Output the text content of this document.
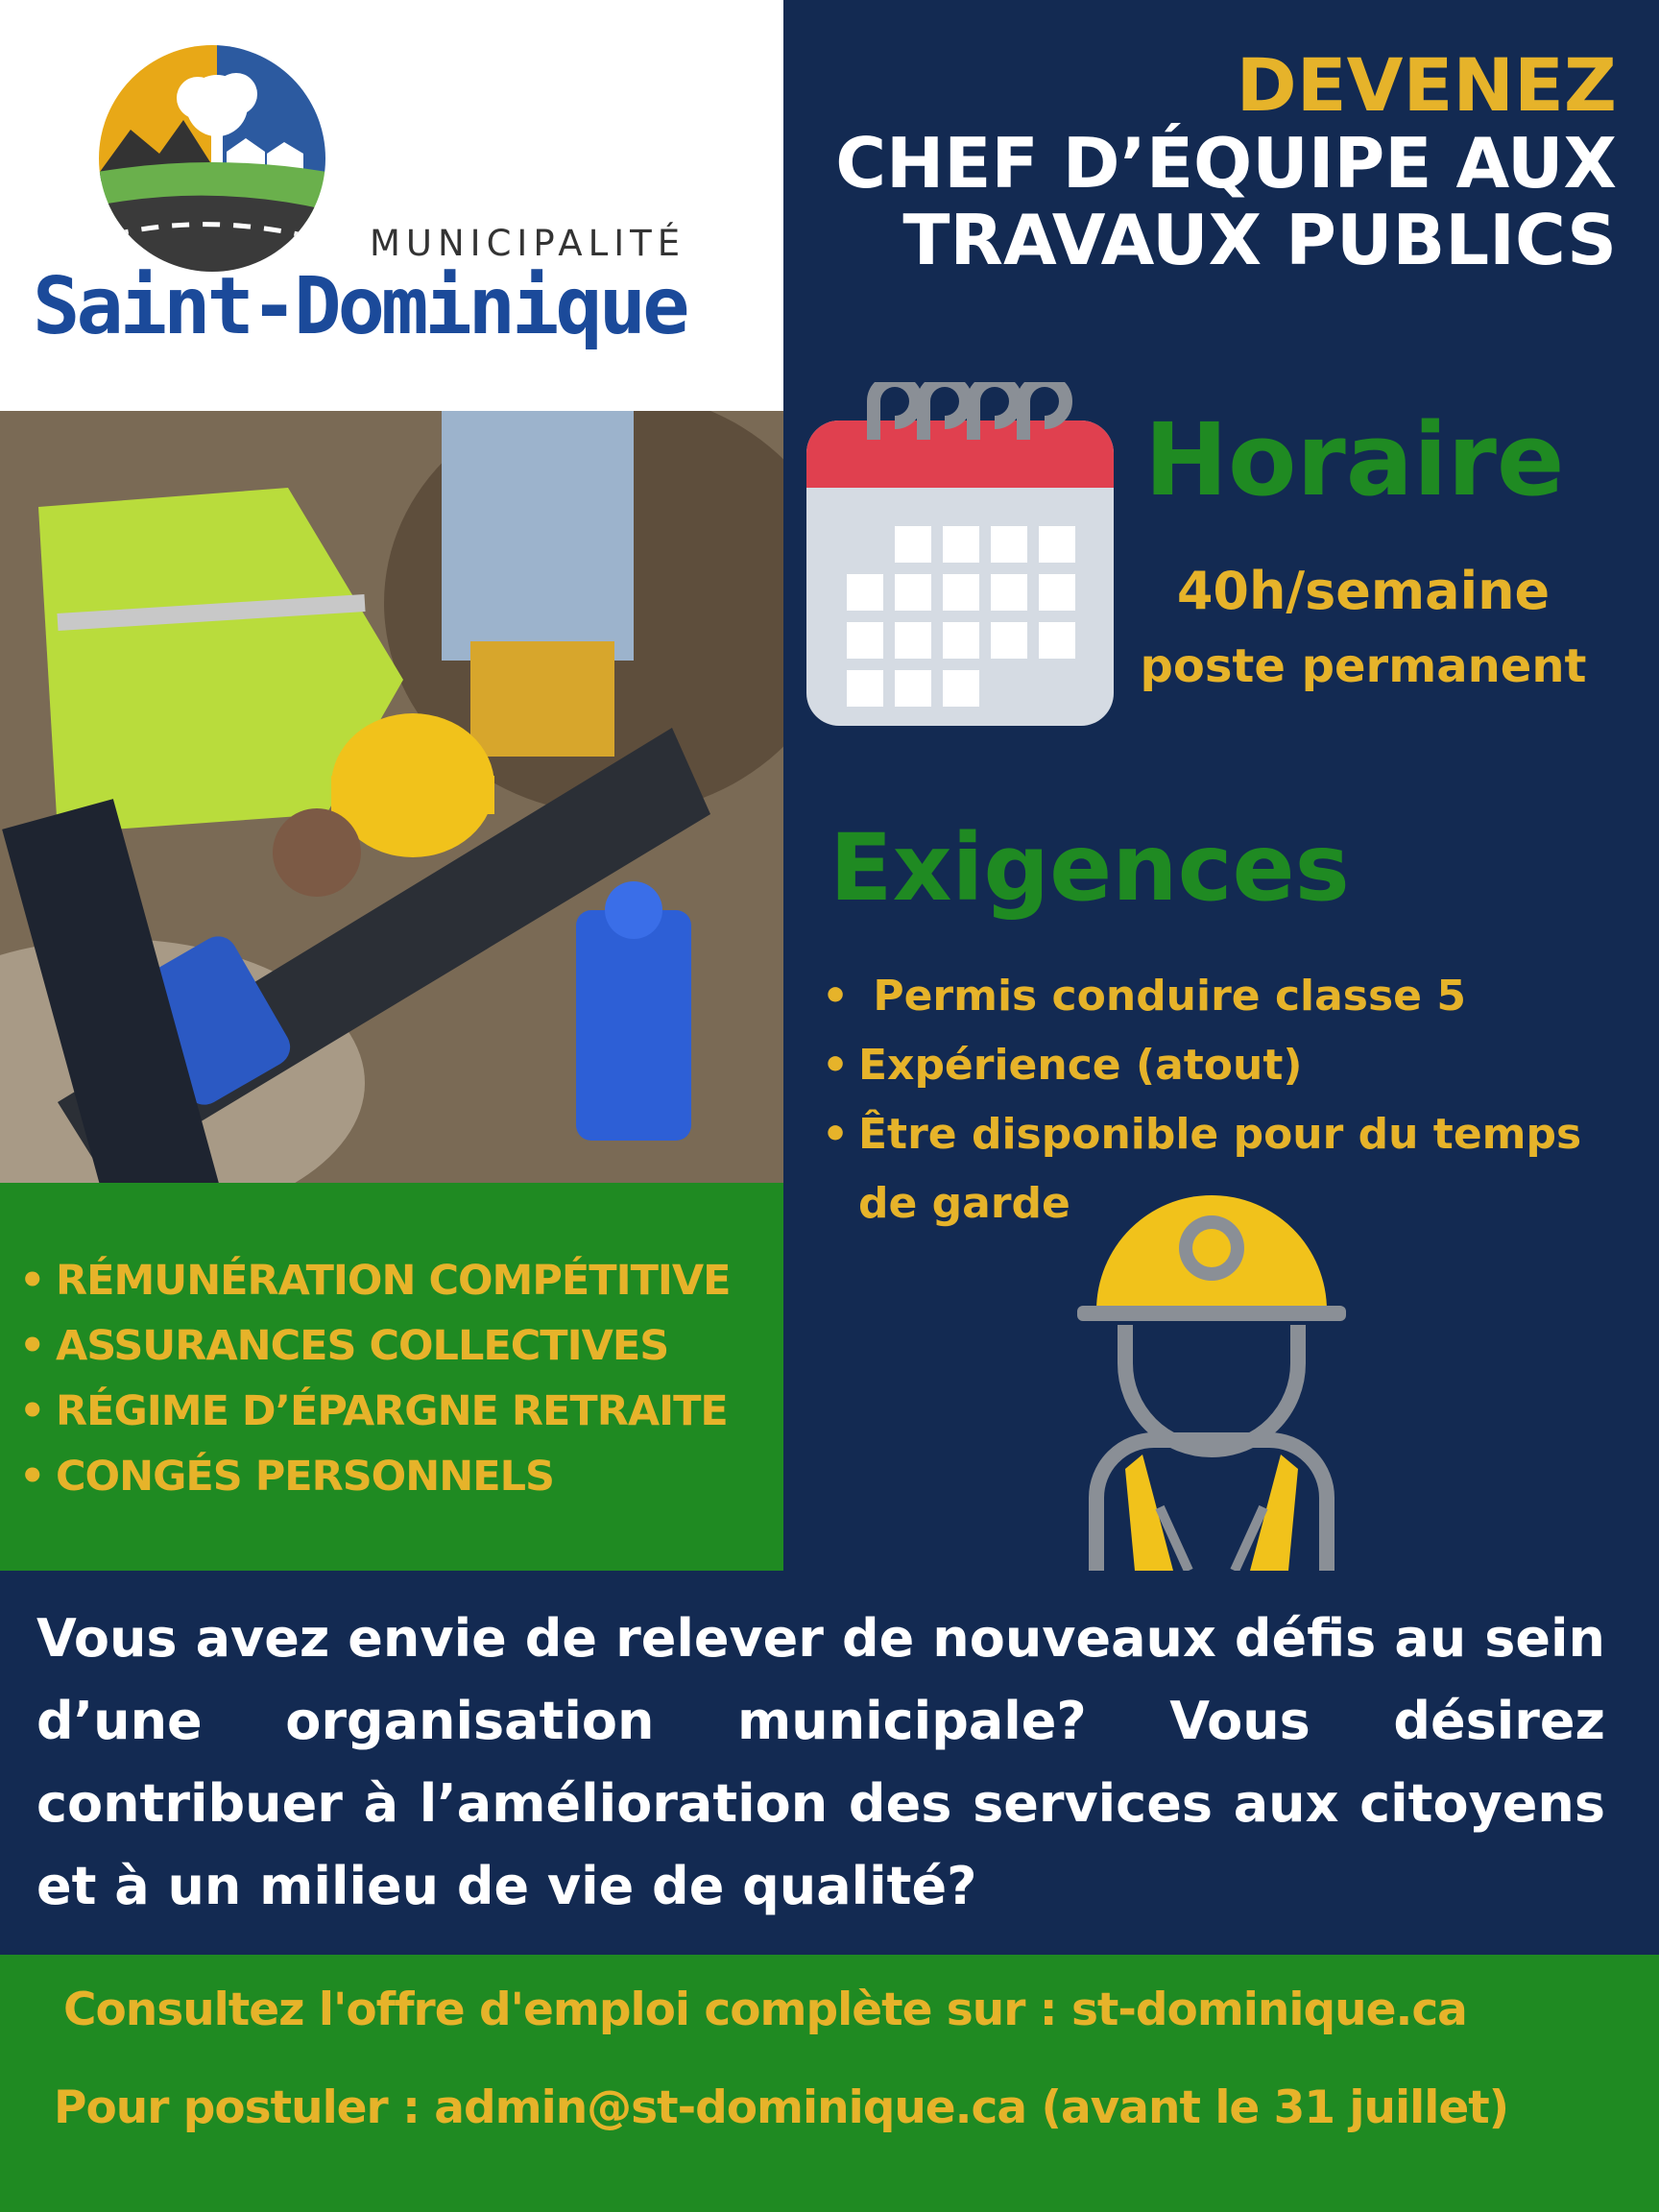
MUNICIPALITÉ
Saint-Dominique
• RÉMUNÉRATION COMPÉTITIVE
• ASSURANCES COLLECTIVES
• RÉGIME D’ÉPARGNE RETRAITE
• CONGÉS PERSONNELS
DEVENEZ
CHEF D’ÉQUIPE AUX
TRAVAUX PUBLICS
Horaire
40h/semaine
poste permanent
Exigences
• Permis conduire classe 5
• Expérience (atout)
• Être disponible pour du temps de garde
Vous avez envie de relever de nouveaux défis au sein d’une organisation municipale? Vous désirez contribuer à l’amélioration des services aux citoyens et à un milieu de vie de qualité?
Consultez l'offre d'emploi complète sur : st-dominique.ca
Pour postuler : admin@st-dominique.ca (avant le 31 juillet)
